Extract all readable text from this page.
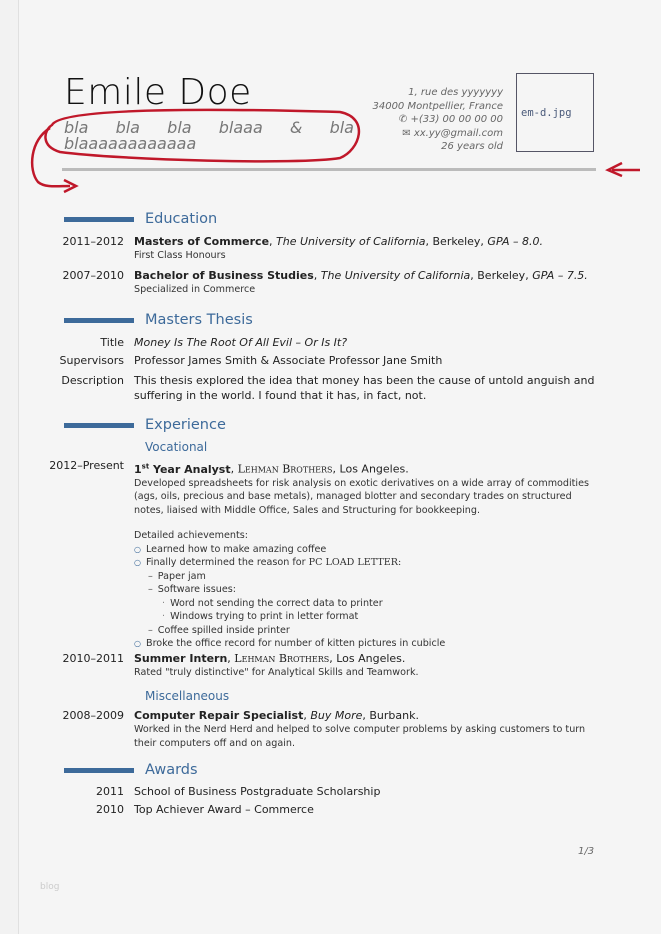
Emile Doe
bla bla bla blaaa & bla
blaaaaaaaaaaaa
1, rue des yyyyyyy
34000 Montpellier, France
✆ +(33) 00 00 00 00
✉ xx.yy@gmail.com
26 years old
em-d.jpg
Education
2011–2012 Masters of Commerce, The University of California, Berkeley, GPA – 8.0.
First Class Honours
2007–2010 Bachelor of Business Studies, The University of California, Berkeley, GPA – 7.5.
Specialized in Commerce
Masters Thesis
Title Money Is The Root Of All Evil – Or Is It?
Supervisors Professor James Smith & Associate Professor Jane Smith
Description This thesis explored the idea that money has been the cause of untold anguish and suffering in the world. I found that it has, in fact, not.
Experience
Vocational
2012–Present 1st Year Analyst, Lehman Brothers, Los Angeles.
Developed spreadsheets for risk analysis on exotic derivatives on a wide array of commodities (ags, oils, precious and base metals), managed blotter and secondary trades on structured notes, liaised with Middle Office, Sales and Structuring for bookkeeping.
Detailed achievements:
○ Learned how to make amazing coffee
○ Finally determined the reason for PC LOAD LETTER:
– Paper jam
– Software issues:
· Word not sending the correct data to printer
· Windows trying to print in letter format
– Coffee spilled inside printer
○ Broke the office record for number of kitten pictures in cubicle
2010–2011 Summer Intern, Lehman Brothers, Los Angeles.
Rated "truly distinctive" for Analytical Skills and Teamwork.
Miscellaneous
2008–2009 Computer Repair Specialist, Buy More, Burbank.
Worked in the Nerd Herd and helped to solve computer problems by asking customers to turn their computers off and on again.
Awards
2011 School of Business Postgraduate Scholarship
2010 Top Achiever Award – Commerce
1/3
blog
